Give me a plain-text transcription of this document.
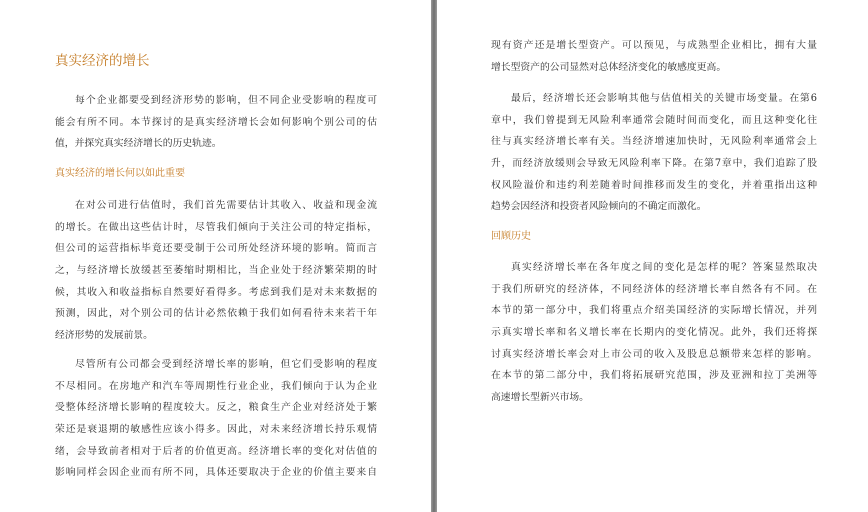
真实经济的增长
每个企业都要受到经济形势的影响，但不同企业受影响的程度可
能会有所不同。本节探讨的是真实经济增长会如何影响个别公司的估
值，并探究真实经济增长的历史轨迹。
真实经济的增长何以如此重要
在对公司进行估值时，我们首先需要估计其收入、收益和现金流
的增长。在做出这些估计时，尽管我们倾向于关注公司的特定指标，
但公司的运营指标毕竟还要受制于公司所处经济环境的影响。简而言
之，与经济增长放缓甚至萎缩时期相比，当企业处于经济繁荣期的时
候，其收入和收益指标自然要好看得多。考虑到我们是对未来数据的
预测，因此，对个别公司的估计必然依赖于我们如何看待未来若干年
经济形势的发展前景。
尽管所有公司都会受到经济增长率的影响，但它们受影响的程度
不尽相同。在房地产和汽车等周期性行业企业，我们倾向于认为企业
受整体经济增长影响的程度较大。反之，粮食生产企业对经济处于繁
荣还是衰退期的敏感性应该小得多。因此，对未来经济增长持乐观情
绪，会导致前者相对于后者的价值更高。经济增长率的变化对估值的
影响同样会因企业而有所不同，具体还要取决于企业的价值主要来自
现有资产还是增长型资产。可以预见，与成熟型企业相比，拥有大量
增长型资产的公司显然对总体经济变化的敏感度更高。
最后，经济增长还会影响其他与估值相关的关键市场变量。在第6
章中，我们曾提到无风险利率通常会随时间而变化，而且这种变化往
往与真实经济增长率有关。当经济增速加快时，无风险利率通常会上
升，而经济放缓则会导致无风险利率下降。在第7章中，我们追踪了股
权风险溢价和违约利差随着时间推移而发生的变化，并着重指出这种
趋势会因经济和投资者风险倾向的不确定而激化。
回顾历史
真实经济增长率在各年度之间的变化是怎样的呢？答案显然取决
于我们所研究的经济体，不同经济体的经济增长率自然各有不同。在
本节的第一部分中，我们将重点介绍美国经济的实际增长情况，并列
示真实增长率和名义增长率在长期内的变化情况。此外，我们还将探
讨真实经济增长率会对上市公司的收入及股息总额带来怎样的影响。
在本节的第二部分中，我们将拓展研究范围，涉及亚洲和拉丁美洲等
高速增长型新兴市场。
